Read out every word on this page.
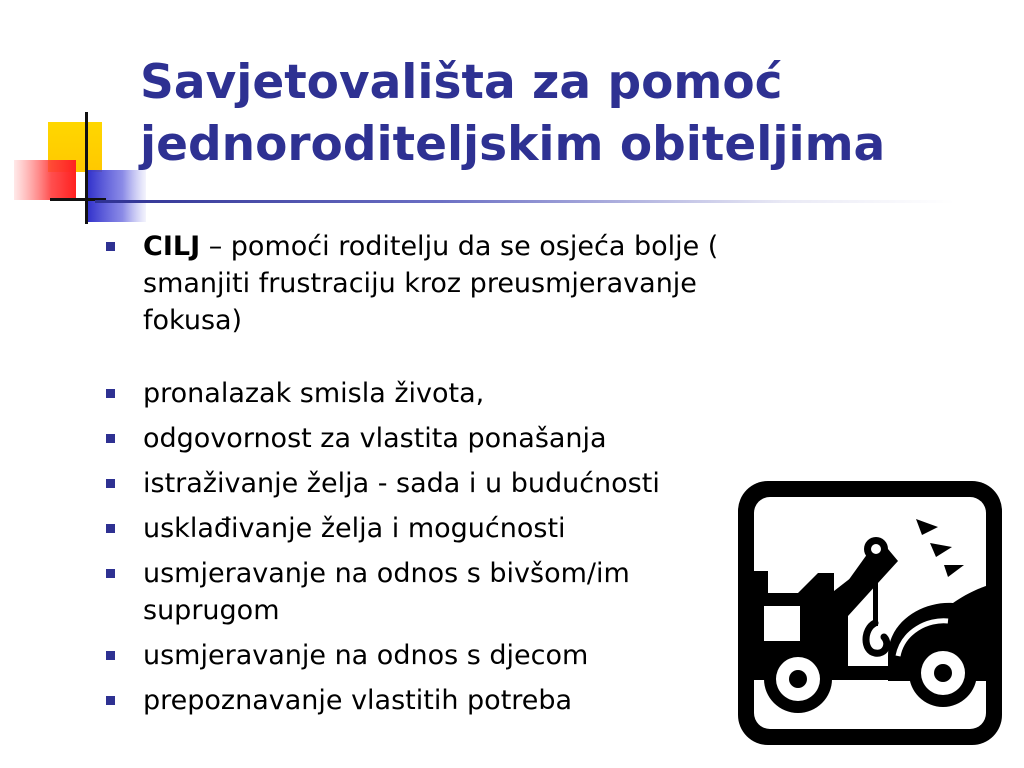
Savjetovališta za pomoć
jednoroditeljskim obiteljima
CILJ – pomoći roditelju da se osjeća bolje ( smanjiti frustraciju kroz preusmjeravanje fokusa)
pronalazak smisla života,
odgovornost za vlastita ponašanja
istraživanje želja - sada i u budućnosti
usklađivanje želja i mogućnosti
usmjeravanje na odnos s bivšom/im suprugom
usmjeravanje na odnos s djecom
prepoznavanje vlastitih potreba
